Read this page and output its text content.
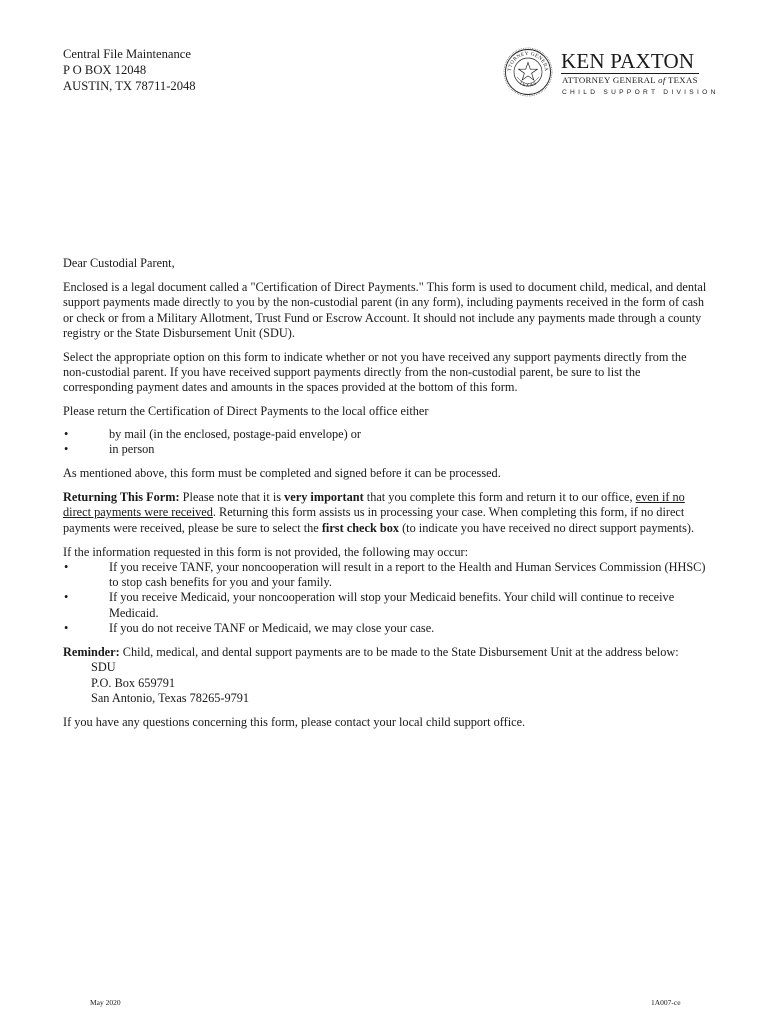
Central File Maintenance
P O BOX 12048
AUSTIN, TX 78711-2048
TTORNEY GENERA
TEXAS
KEN PAXTON
ATTORNEY GENERAL of TEXAS
CHILD SUPPORT DIVISION

Dear Custodial Parent,

Enclosed is a legal document called a "Certification of Direct Payments." This form is used to document child, medical, and dental support payments made directly to you by the non-custodial parent (in any form), including payments received in the form of cash or check or from a Military Allotment, Trust Fund or Escrow Account. It should not include any payments made through a county registry or the State Disbursement Unit (SDU).

Select the appropriate option on this form to indicate whether or not you have received any support payments directly from the non-custodial parent. If you have received support payments directly from the non-custodial parent, be sure to list the corresponding payment dates and amounts in the spaces provided at the bottom of this form.

Please return the Certification of Direct Payments to the local office either

•	by mail (in the enclosed, postage-paid envelope) or
•	in person

As mentioned above, this form must be completed and signed before it can be processed.

Returning This Form: Please note that it is very important that you complete this form and return it to our office, even if no direct payments were received. Returning this form assists us in processing your case. When completing this form, if no direct payments were received, please be sure to select the first check box (to indicate you have received no direct support payments).

If the information requested in this form is not provided, the following may occur:

•	If you receive TANF, your noncooperation will result in a report to the Health and Human Services Commission (HHSC) to stop cash benefits for you and your family.
•	If you receive Medicaid, your noncooperation will stop your Medicaid benefits. Your child will continue to receive Medicaid.
•	If you do not receive TANF or Medicaid, we may close your case.

Reminder: Child, medical, and dental support payments are to be made to the State Disbursement Unit at the address below:

SDU
P.O. Box 659791
San Antonio, Texas 78265-9791

If you have any questions concerning this form, please contact your local child support office.

May 2020	1A007-ce
